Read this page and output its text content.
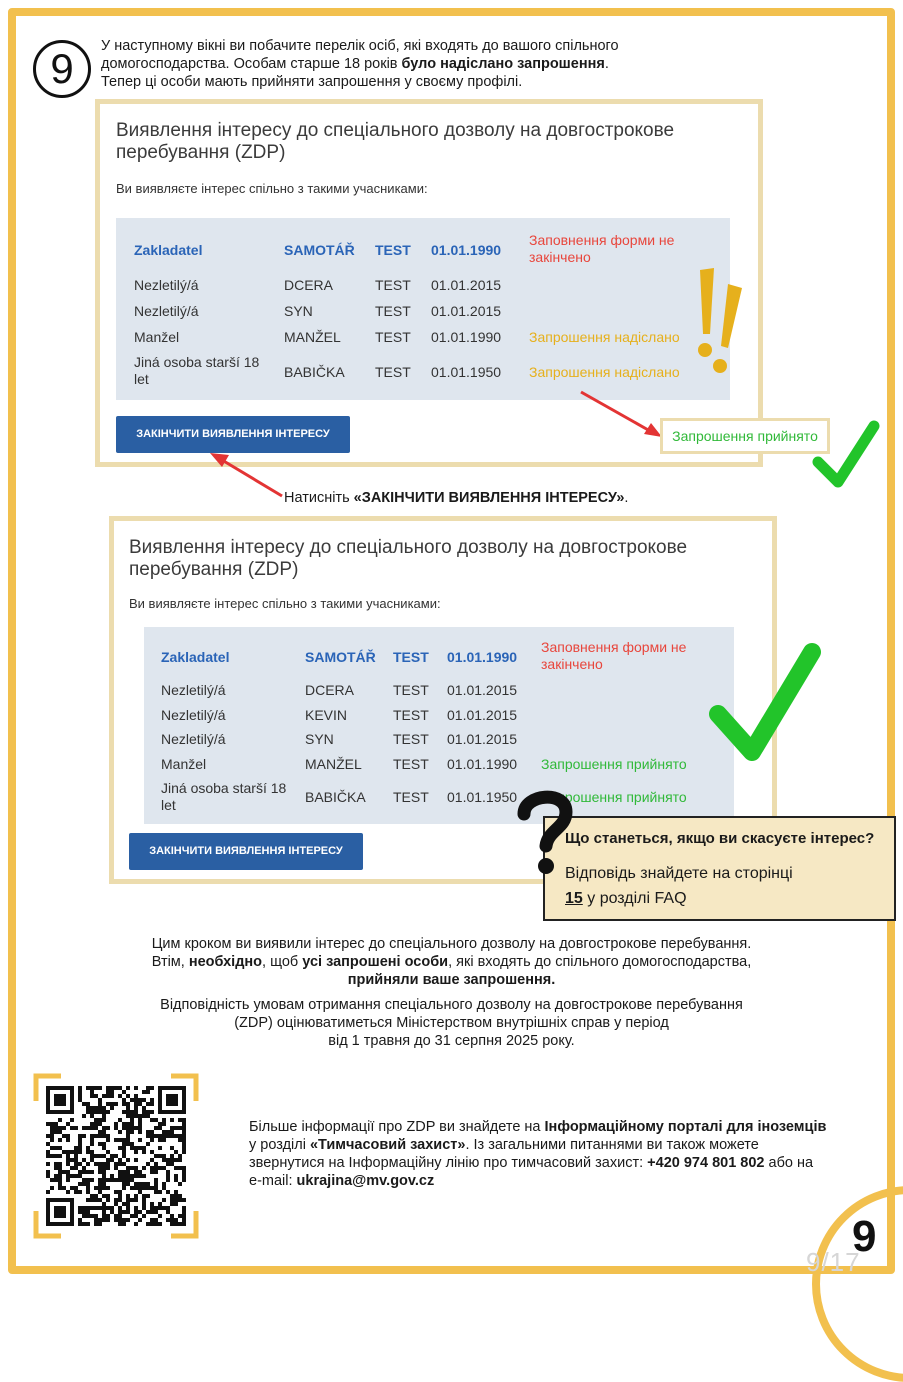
9	У наступному вікні ви побачите перелік осіб, які входять до вашого спільного
домогосподарства. Особам старше 18 років було надіслано запрошення.
Тепер ці особи мають прийняти запрошення у своєму профілі.
Виявлення інтересу до спеціального дозволу на довгострокове перебування (ZDP)
Ви виявляєте інтерес спільно з такими учасниками:
Zakladatel	SAMOTÁŘ TEST 01.01.1990
Заповнення форми не закінчено
Nezletilý/á	DCERA	TEST 01.01.2015
Nezletilý/á	SYN	TEST 01.01.2015
Manžel	MANŽEL TEST 01.01.1990 Запрошення надіслано
Jiná osoba starší 18 let	BABIČKA TEST 01.01.1950 Запрошення надіслано
ЗАКІНЧИТИ ВИЯВЛЕННЯ ІНТЕРЕСУ	Запрошення прийнято
Натисніть «ЗАКІНЧИТИ ВИЯВЛЕННЯ ІНТЕРЕСУ».
Виявлення інтересу до спеціального дозволу на довгострокове перебування (ZDP)
Ви виявляєте інтерес спільно з такими учасниками:
Zakladatel	SAMOTÁŘ TEST 01.01.1990
Заповнення форми не закінчено
Nezletilý/á	DCERA	TEST 01.01.2015
Nezletilý/á	KEVIN	TEST 01.01.2015
Nezletilý/á	SYN	TEST 01.01.2015
Manžel	MANŽEL TEST 01.01.1990 Запрошення прийнято
Jiná osoba starší 18 let	BABIČKA TEST 01.01.1950 Запрошення прийнято
ЗАКІНЧИТИ ВИЯВЛЕННЯ ІНТЕРЕСУ
Що станеться, якщо ви скасуєте інтерес?
Відповідь знайдете на сторінці
15 у розділі FAQ
Цим кроком ви виявили інтерес до спеціального дозволу на довгострокове перебування.
Втім, необхідно, щоб усі запрошені особи, які входять до спільного домогосподарства,
прийняли ваше запрошення.
Відповідність умовам отримання спеціального дозволу на довгострокове перебування
(ZDP) оцінюватиметься Міністерством внутрішніх справ у період
від 1 травня до 31 серпня 2025 року.
Більше інформації про ZDP ви знайдете на Інформаційному порталі для іноземців у розділі «Тимчасовий захист». Із загальними питаннями ви також можете звернутися на Інформаційну лінію про тимчасовий захист: +420 974 801 802 або на e-mail: ukrajina@mv.gov.cz
9
9/17
